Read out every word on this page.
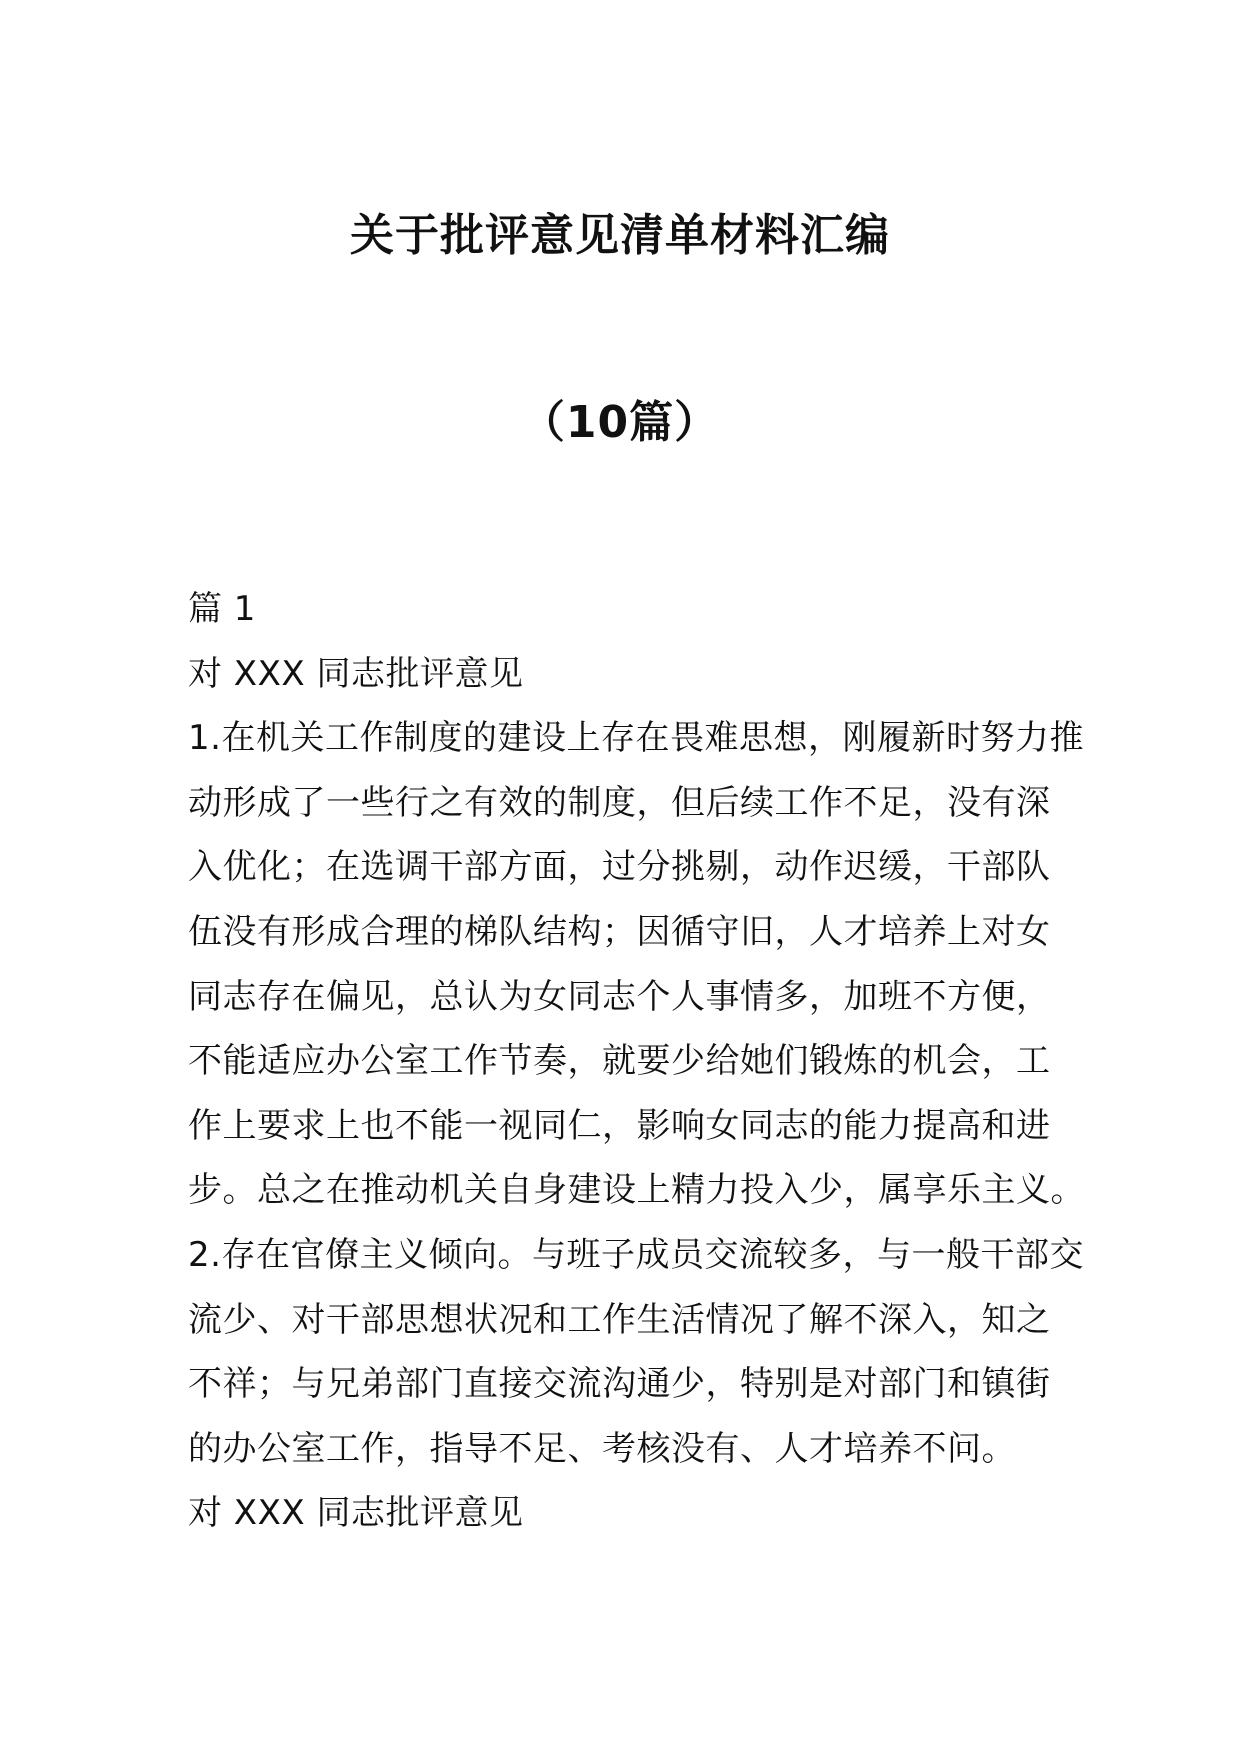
关于批评意见清单材料汇编
（10篇）
篇 1
对 XXX 同志批评意见
1.在机关工作制度的建设上存在畏难思想，刚履新时努力推
动形成了一些行之有效的制度，但后续工作不足，没有深
入优化；在选调干部方面，过分挑剔，动作迟缓，干部队
伍没有形成合理的梯队结构；因循守旧，人才培养上对女
同志存在偏见，总认为女同志个人事情多，加班不方便，
不能适应办公室工作节奏，就要少给她们锻炼的机会，工
作上要求上也不能一视同仁，影响女同志的能力提高和进
步。总之在推动机关自身建设上精力投入少，属享乐主义。
2.存在官僚主义倾向。与班子成员交流较多，与一般干部交
流少、对干部思想状况和工作生活情况了解不深入，知之
不祥；与兄弟部门直接交流沟通少，特别是对部门和镇街
的办公室工作，指导不足、考核没有、人才培养不问。
对 XXX 同志批评意见
